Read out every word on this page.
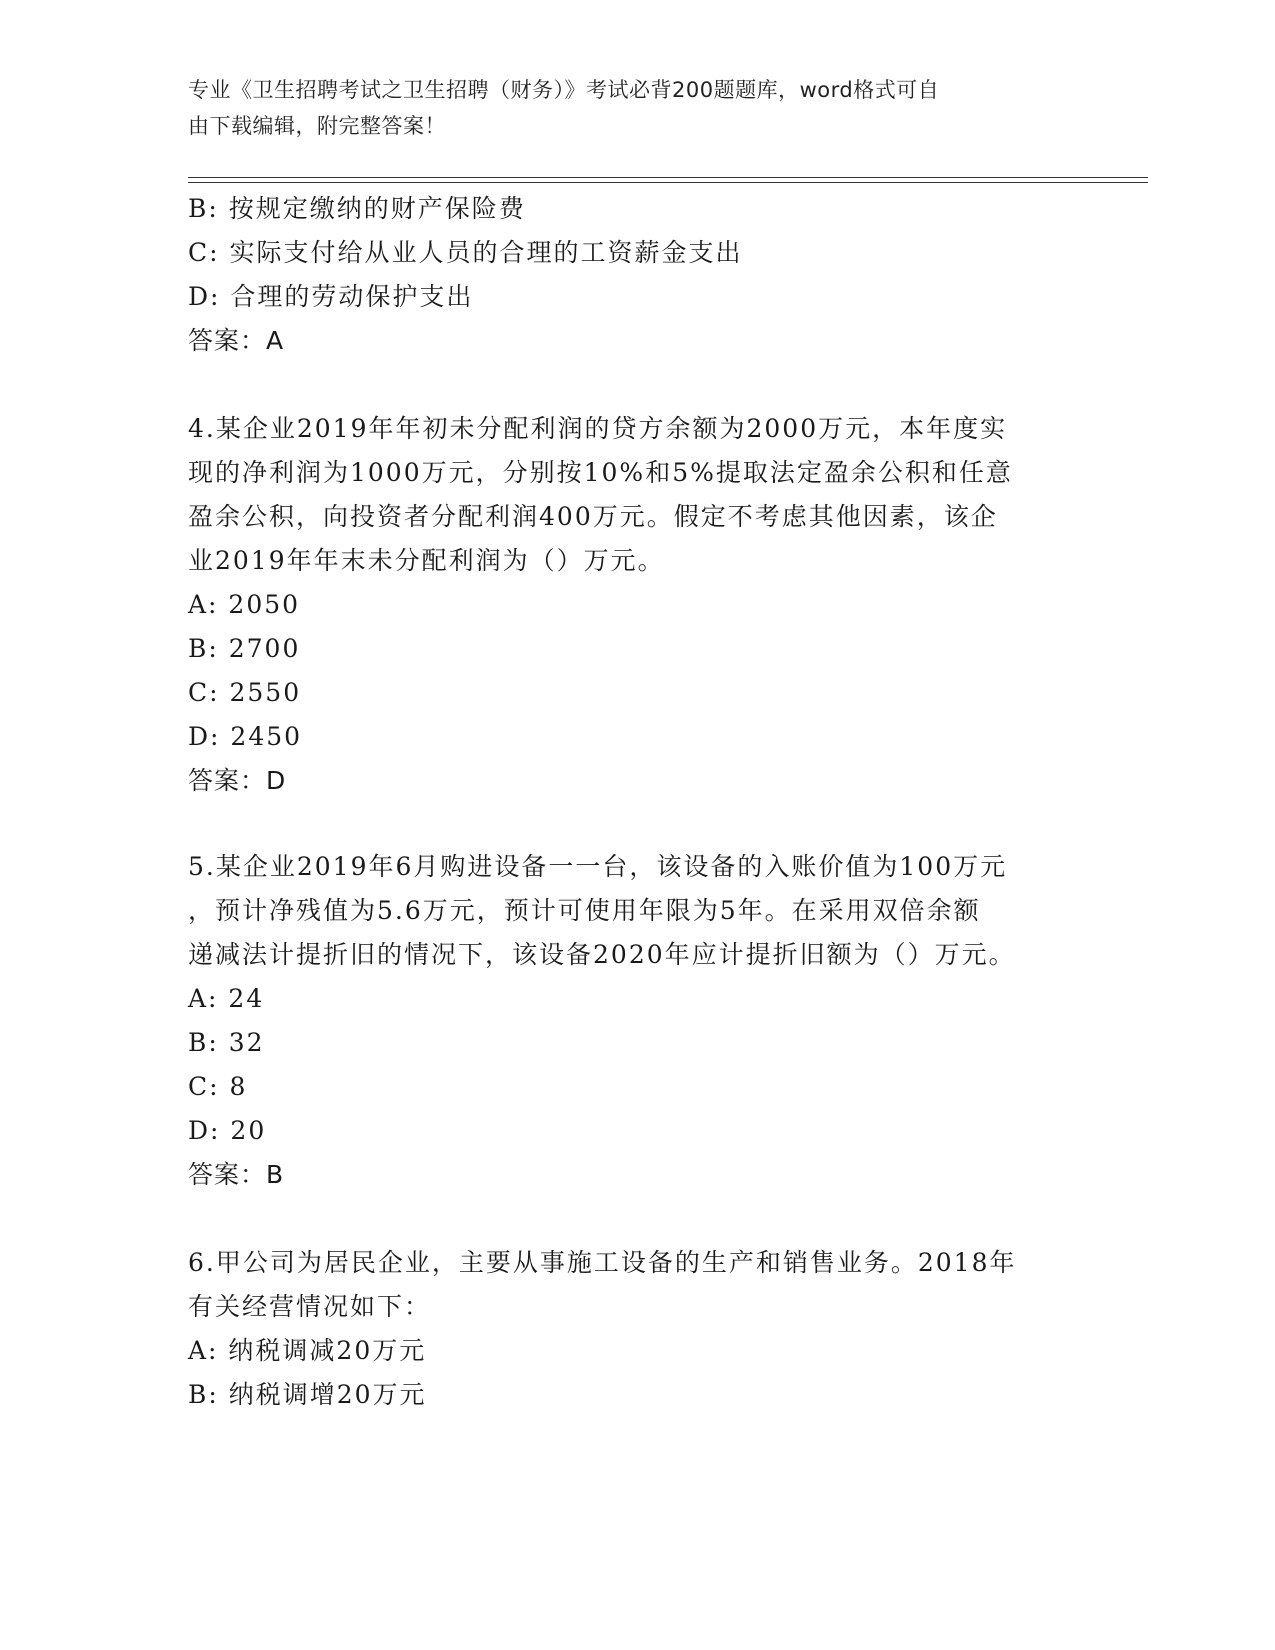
专业《卫生招聘考试之卫生招聘（财务）》考试必背200题题库，word格式可自
由下载编辑，附完整答案！
B: 按规定缴纳的财产保险费
C: 实际支付给从业人员的合理的工资薪金支出
D: 合理的劳动保护支出
答案：A
4.某企业2019年年初未分配利润的贷方余额为2000万元，本年度实
现的净利润为1000万元，分别按10%和5%提取法定盈余公积和任意
盈余公积，向投资者分配利润400万元。假定不考虑其他因素，该企
业2019年年末未分配利润为（）万元。
A: 2050
B: 2700
C: 2550
D: 2450
答案：D
5.某企业2019年6月购进设备一一台，该设备的入账价值为100万元
，预计净残值为5.6万元，预计可使用年限为5年。在采用双倍余额
递减法计提折旧的情况下，该设备2020年应计提折旧额为（）万元。
A: 24
B: 32
C: 8
D: 20
答案：B
6.甲公司为居民企业，主要从事施工设备的生产和销售业务。2018年
有关经营情况如下：
A: 纳税调减20万元
B: 纳税调增20万元
